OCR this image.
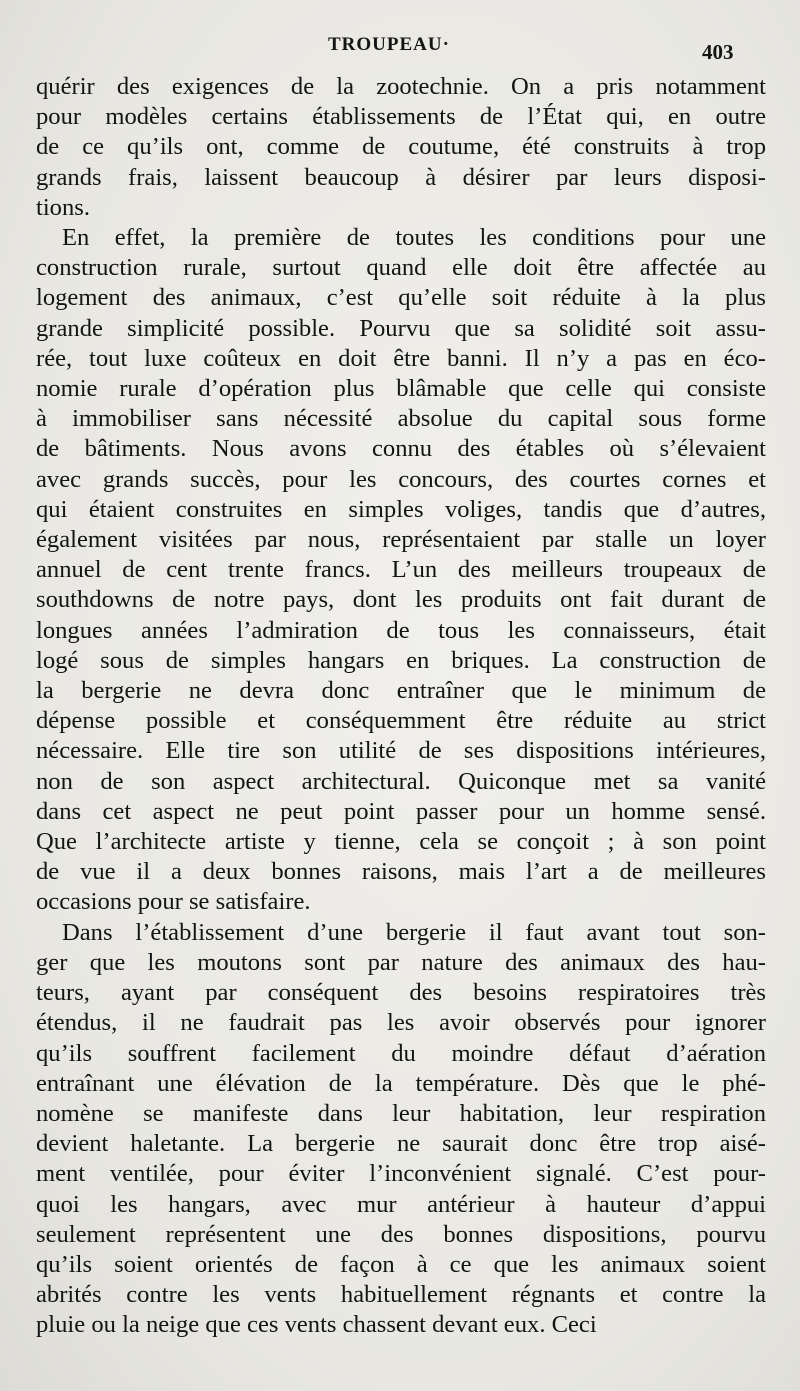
TROUPEAU·	403

quérir des exigences de la zootechnie. On a pris notamment
pour modèles certains établissements de l’État qui, en outre
de ce qu’ils ont, comme de coutume, été construits à trop
grands frais, laissent beaucoup à désirer par leurs disposi-
tions.

En effet, la première de toutes les conditions pour une
construction rurale, surtout quand elle doit être affectée au
logement des animaux, c’est qu’elle soit réduite à la plus
grande simplicité possible. Pourvu que sa solidité soit assu-
rée, tout luxe coûteux en doit être banni. Il n’y a pas en éco-
nomie rurale d’opération plus blâmable que celle qui consiste
à immobiliser sans nécessité absolue du capital sous forme
de bâtiments. Nous avons connu des étables où s’élevaient
avec grands succès, pour les concours, des courtes cornes et
qui étaient construites en simples voliges, tandis que d’autres,
également visitées par nous, représentaient par stalle un loyer
annuel de cent trente francs. L’un des meilleurs troupeaux de
southdowns de notre pays, dont les produits ont fait durant de
longues années l’admiration de tous les connaisseurs, était
logé sous de simples hangars en briques. La construction de
la bergerie ne devra donc entraîner que le minimum de
dépense possible et conséquemment être réduite au strict
nécessaire. Elle tire son utilité de ses dispositions intérieures,
non de son aspect architectural. Quiconque met sa vanité
dans cet aspect ne peut point passer pour un homme sensé.
Que l’architecte artiste y tienne, cela se conçoit ; à son point
de vue il a deux bonnes raisons, mais l’art a de meilleures
occasions pour se satisfaire.

Dans l’établissement d’une bergerie il faut avant tout son-
ger que les moutons sont par nature des animaux des hau-
teurs, ayant par conséquent des besoins respiratoires très
étendus, il ne faudrait pas les avoir observés pour ignorer
qu’ils souffrent facilement du moindre défaut d’aération
entraînant une élévation de la température. Dès que le phé-
nomène se manifeste dans leur habitation, leur respiration
devient haletante. La bergerie ne saurait donc être trop aisé-
ment ventilée, pour éviter l’inconvénient signalé. C’est pour-
quoi les hangars, avec mur antérieur à hauteur d’appui
seulement représentent une des bonnes dispositions, pourvu
qu’ils soient orientés de façon à ce que les animaux soient
abrités contre les vents habituellement régnants et contre la
pluie ou la neige que ces vents chassent devant eux. Ceci
